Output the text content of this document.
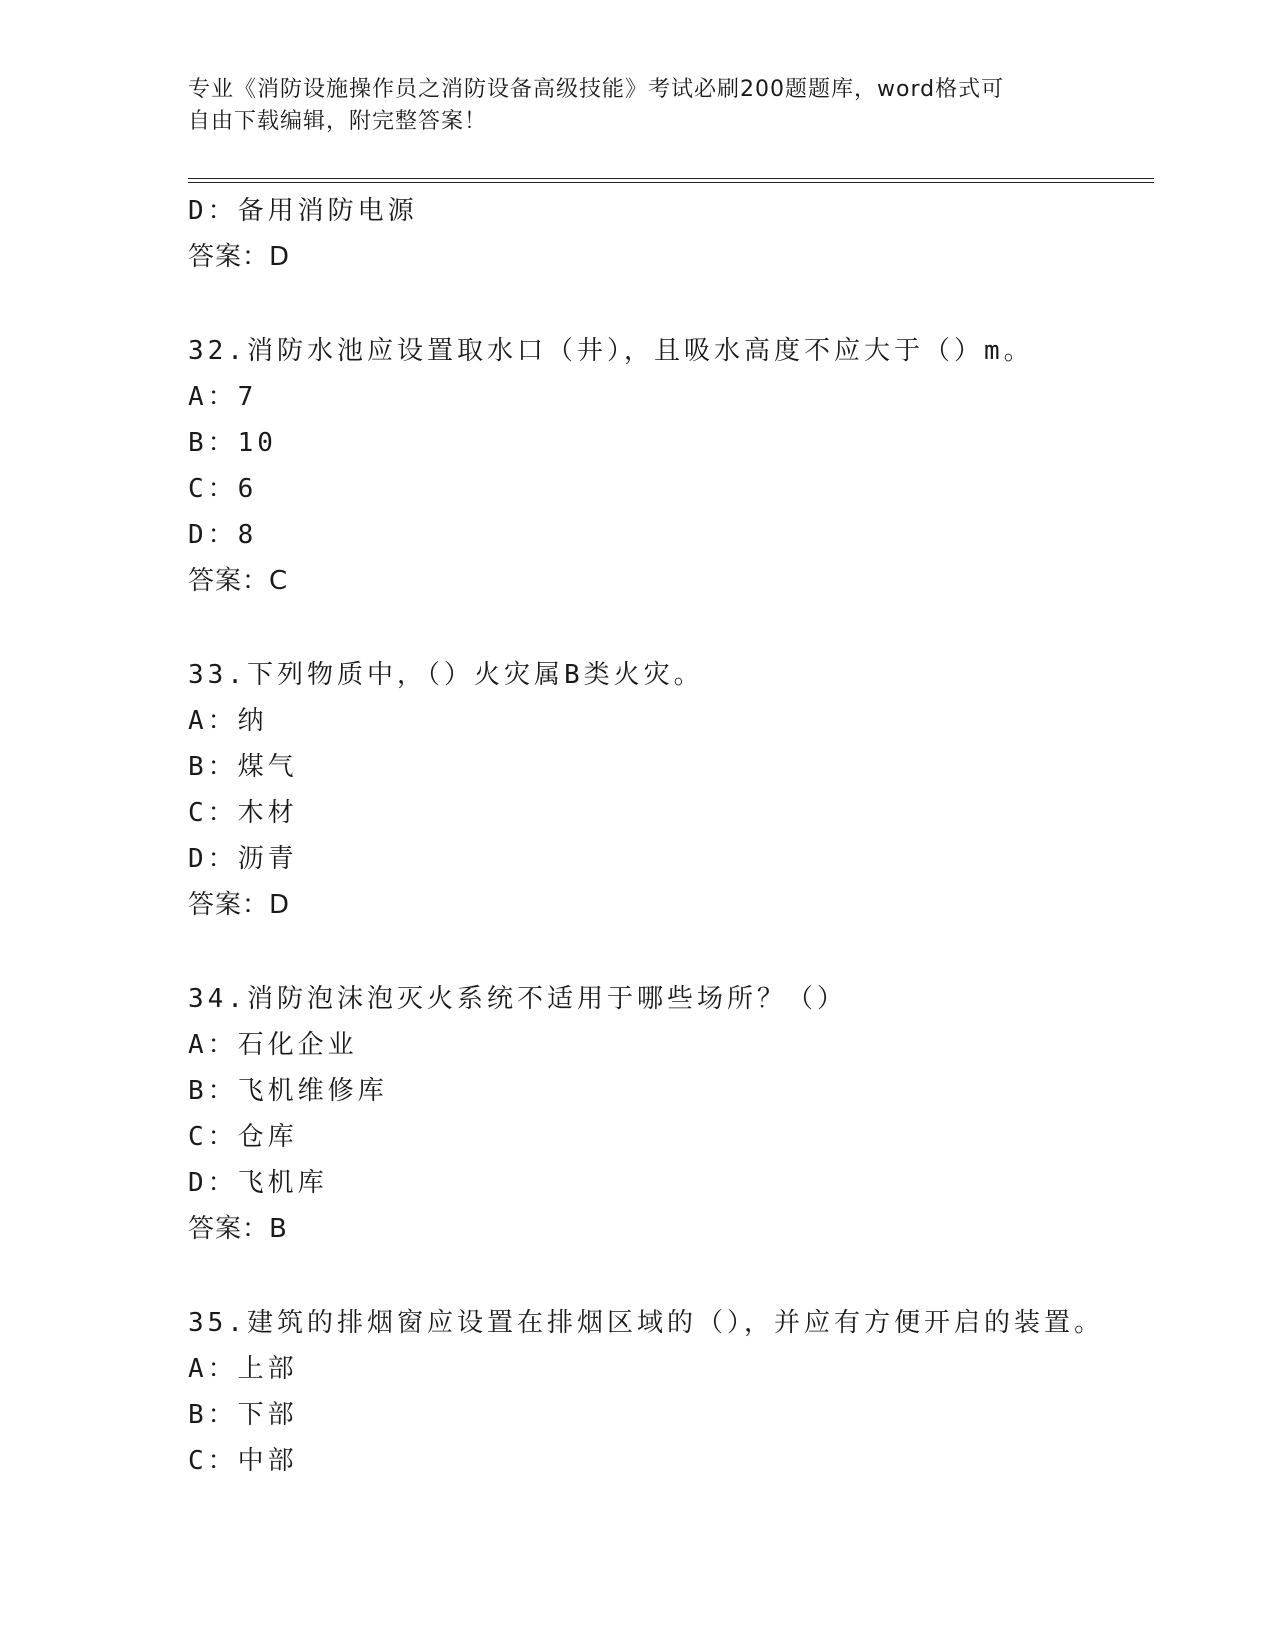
专业《消防设施操作员之消防设备高级技能》考试必刷200题题库，word格式可
自由下载编辑，附完整答案！
D：备用消防电源
答案：D
32.消防水池应设置取水口（井），且吸水高度不应大于（）m。
A：7
B：10
C：6
D：8
答案：C
33.下列物质中，（）火灾属B类火灾。
A：纳
B：煤气
C：木材
D：沥青
答案：D
34.消防泡沫泡灭火系统不适用于哪些场所？（）
A：石化企业
B：飞机维修库
C：仓库
D：飞机库
答案：B
35.建筑的排烟窗应设置在排烟区域的（），并应有方便开启的装置。
A：上部
B：下部
C：中部
